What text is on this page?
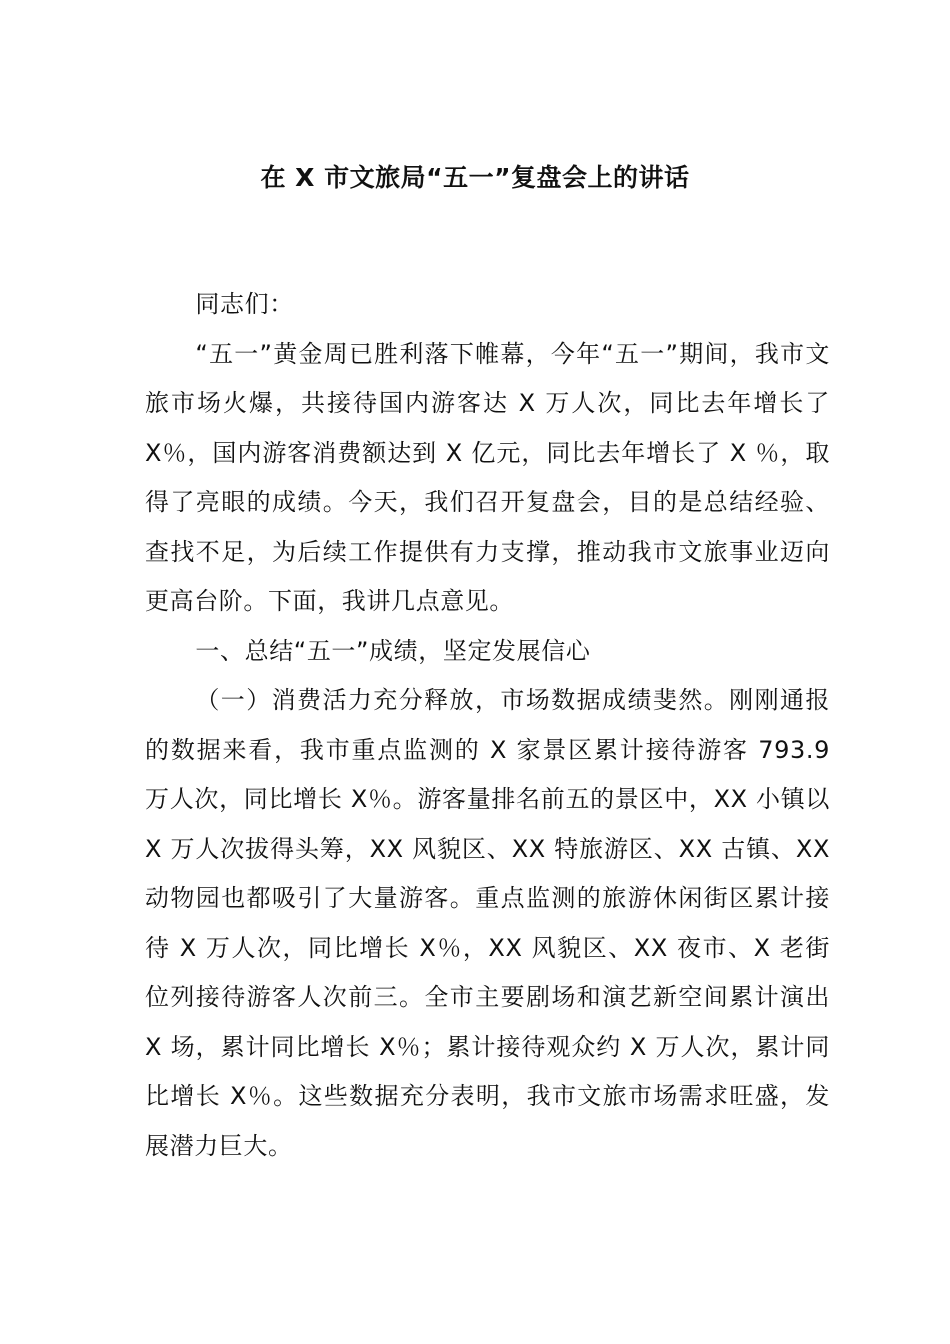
在 X 市文旅局“五一”复盘会上的讲话

同志们：

“五一”黄金周已胜利落下帷幕，今年“五一”期间，我市文旅市场火爆，共接待国内游客达 X 万人次，同比去年增长了 X％，国内游客消费额达到 X 亿元，同比去年增长了 X ％，取得了亮眼的成绩。今天，我们召开复盘会，目的是总结经验、查找不足，为后续工作提供有力支撑，推动我市文旅事业迈向更高台阶。下面，我讲几点意见。

一、总结“五一”成绩，坚定发展信心

（一）消费活力充分释放，市场数据成绩斐然。刚刚通报的数据来看，我市重点监测的 X 家景区累计接待游客 793.9 万人次，同比增长 X％。游客量排名前五的景区中，XX 小镇以 X 万人次拔得头筹，XX 风貌区、XX 特旅游区、XX 古镇、XX 动物园也都吸引了大量游客。重点监测的旅游休闲街区累计接待 X 万人次，同比增长 X％，XX 风貌区、XX 夜市、X 老街位列接待游客人次前三。全市主要剧场和演艺新空间累计演出 X 场，累计同比增长 X％；累计接待观众约 X 万人次，累计同比增长 X％。这些数据充分表明，我市文旅市场需求旺盛，发展潜力巨大。
